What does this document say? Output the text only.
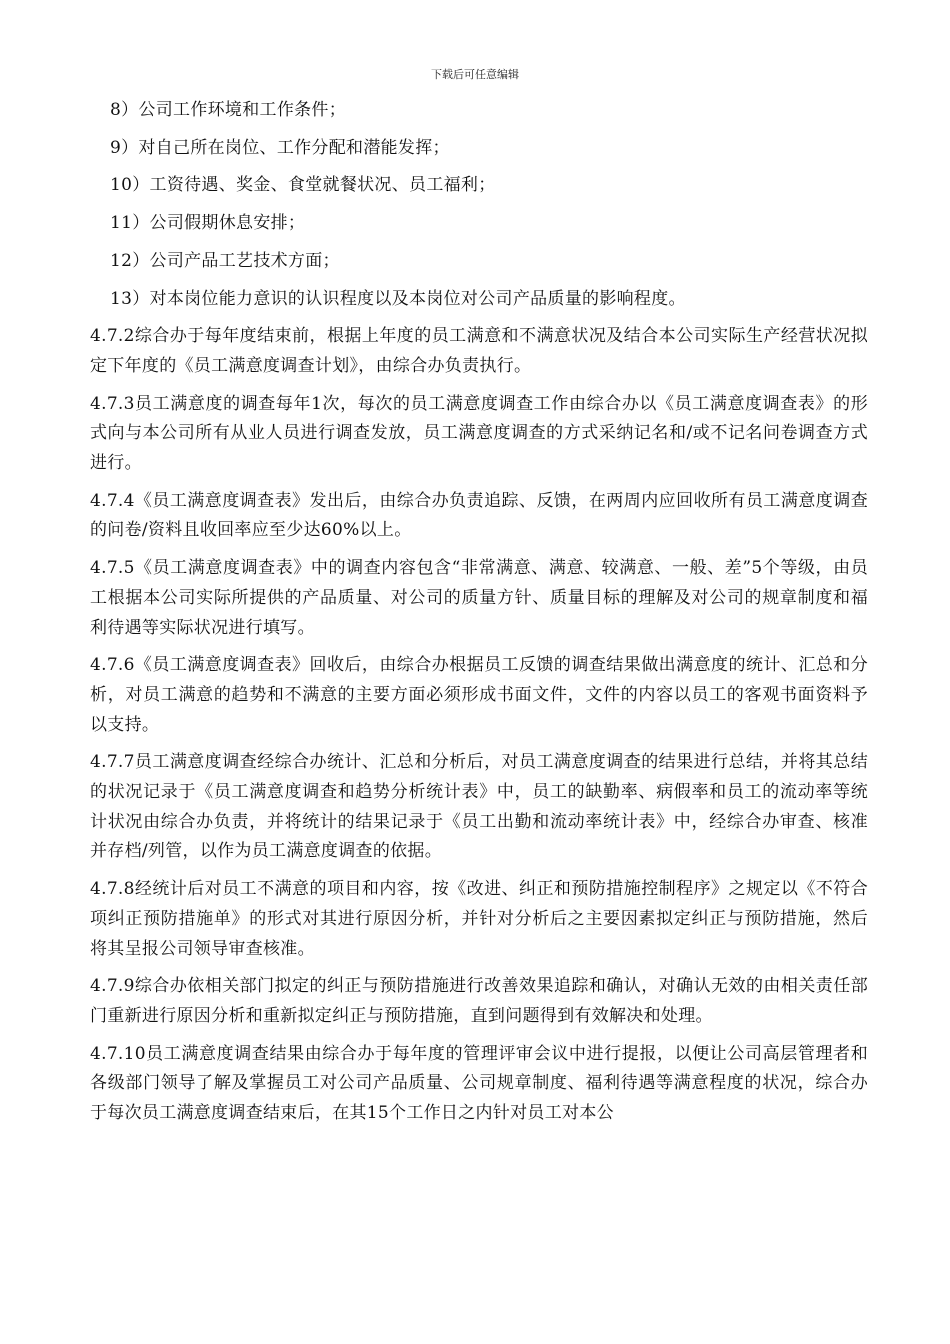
下载后可任意编辑
8）公司工作环境和工作条件；
9）对自己所在岗位、工作分配和潜能发挥；
10）工资待遇、奖金、食堂就餐状况、员工福利；
11）公司假期休息安排；
12）公司产品工艺技术方面；
13）对本岗位能力意识的认识程度以及本岗位对公司产品质量的影响程度。
4.7.2综合办于每年度结束前，根据上年度的员工满意和不满意状况及结合本公司实际生产经营状况拟定下年度的《员工满意度调查计划》，由综合办负责执行。
4.7.3员工满意度的调查每年1次，每次的员工满意度调查工作由综合办以《员工满意度调查表》的形式向与本公司所有从业人员进行调查发放，员工满意度调查的方式采纳记名和/或不记名问卷调查方式进行。
4.7.4《员工满意度调查表》发出后，由综合办负责追踪、反馈，在两周内应回收所有员工满意度调查的问卷/资料且收回率应至少达60%以上。
4.7.5《员工满意度调查表》中的调查内容包含“非常满意、满意、较满意、一般、差”5个等级，由员工根据本公司实际所提供的产品质量、对公司的质量方针、质量目标的理解及对公司的规章制度和福利待遇等实际状况进行填写。
4.7.6《员工满意度调查表》回收后，由综合办根据员工反馈的调查结果做出满意度的统计、汇总和分析，对员工满意的趋势和不满意的主要方面必须形成书面文件，文件的内容以员工的客观书面资料予以支持。
4.7.7员工满意度调查经综合办统计、汇总和分析后，对员工满意度调查的结果进行总结，并将其总结的状况记录于《员工满意度调查和趋势分析统计表》中，员工的缺勤率、病假率和员工的流动率等统计状况由综合办负责，并将统计的结果记录于《员工出勤和流动率统计表》中，经综合办审查、核准并存档/列管，以作为员工满意度调查的依据。
4.7.8经统计后对员工不满意的项目和内容，按《改进、纠正和预防措施控制程序》之规定以《不符合项纠正预防措施单》的形式对其进行原因分析，并针对分析后之主要因素拟定纠正与预防措施，然后将其呈报公司领导审查核准。
4.7.9综合办依相关部门拟定的纠正与预防措施进行改善效果追踪和确认，对确认无效的由相关责任部门重新进行原因分析和重新拟定纠正与预防措施，直到问题得到有效解决和处理。
4.7.10员工满意度调查结果由综合办于每年度的管理评审会议中进行提报，以便让公司高层管理者和各级部门领导了解及掌握员工对公司产品质量、公司规章制度、福利待遇等满意程度的状况，综合办于每次员工满意度调查结束后，在其15个工作日之内针对员工对本公
